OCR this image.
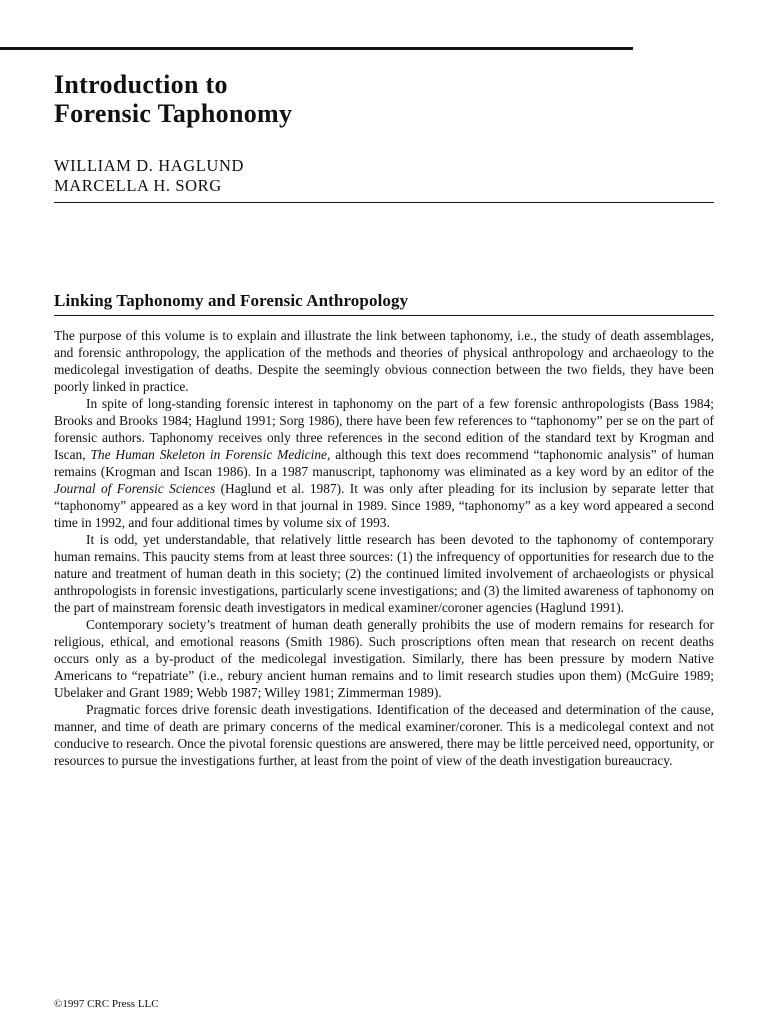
Introduction to
Forensic Taphonomy
WILLIAM D. HAGLUND
MARCELLA H. SORG
Linking Taphonomy and Forensic Anthropology

The purpose of this volume is to explain and illustrate the link between taphonomy, i.e., the study of death assemblages, and forensic anthropology, the application of the methods and theories of physical anthropology and archaeology to the medicolegal investigation of deaths. Despite the seemingly obvious connection between the two fields, they have been poorly linked in practice.

In spite of long-standing forensic interest in taphonomy on the part of a few forensic anthropologists (Bass 1984; Brooks and Brooks 1984; Haglund 1991; Sorg 1986), there have been few references to “taphonomy” per se on the part of forensic authors. Taphonomy receives only three references in the second edition of the standard text by Krogman and Iscan, The Human Skeleton in Forensic Medicine, although this text does recommend “taphonomic analysis” of human remains (Krogman and Iscan 1986). In a 1987 manuscript, taphonomy was eliminated as a key word by an editor of the Journal of Forensic Sciences (Haglund et al. 1987). It was only after pleading for its inclusion by separate letter that “taphonomy” appeared as a key word in that journal in 1989. Since 1989, “taphonomy” as a key word appeared a second time in 1992, and four additional times by volume six of 1993.

It is odd, yet understandable, that relatively little research has been devoted to the taphonomy of contemporary human remains. This paucity stems from at least three sources: (1) the infrequency of opportunities for research due to the nature and treatment of human death in this society; (2) the continued limited involvement of archaeologists or physical anthropologists in forensic investigations, particularly scene investigations; and (3) the limited awareness of taphonomy on the part of mainstream forensic death investigators in medical examiner/coroner agencies (Haglund 1991).

Contemporary society’s treatment of human death generally prohibits the use of modern remains for research for religious, ethical, and emotional reasons (Smith 1986). Such proscriptions often mean that research on recent deaths occurs only as a by-product of the medicolegal investigation. Similarly, there has been pressure by modern Native Americans to “repatriate” (i.e., rebury ancient human remains and to limit research studies upon them) (McGuire 1989; Ubelaker and Grant 1989; Webb 1987; Willey 1981; Zimmerman 1989).

Pragmatic forces drive forensic death investigations. Identification of the deceased and determination of the cause, manner, and time of death are primary concerns of the medical examiner/coroner. This is a medicolegal context and not conducive to research. Once the pivotal forensic questions are answered, there may be little perceived need, opportunity, or resources to pursue the investigations further, at least from the point of view of the death investigation bureaucracy.

©1997 CRC Press LLC
